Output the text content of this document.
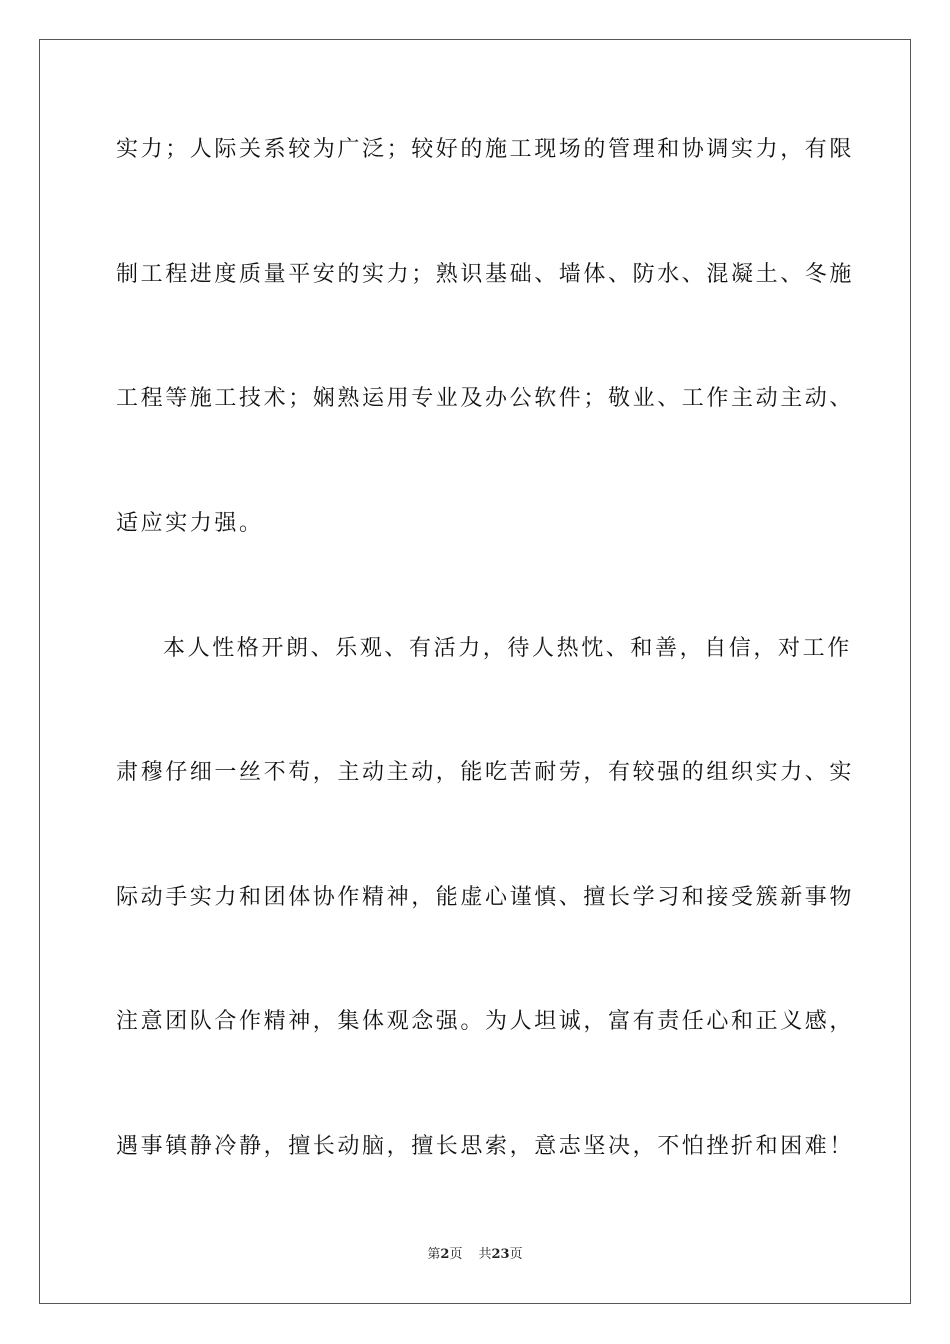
实力；人际关系较为广泛；较好的施工现场的管理和协调实力，有限
制工程进度质量平安的实力；熟识基础、墙体、防水、混凝土、冬施
工程等施工技术；娴熟运用专业及办公软件；敬业、工作主动主动、
适应实力强。
本人性格开朗、乐观、有活力，待人热忱、和善，自信，对工作
肃穆仔细一丝不苟，主动主动，能吃苦耐劳，有较强的组织实力、实
际动手实力和团体协作精神，能虚心谨慎、擅长学习和接受簇新事物
注意团队合作精神，集体观念强。为人坦诚，富有责任心和正义感，
遇事镇静冷静，擅长动脑，擅长思索，意志坚决，不怕挫折和困难！
第2页 共23页
